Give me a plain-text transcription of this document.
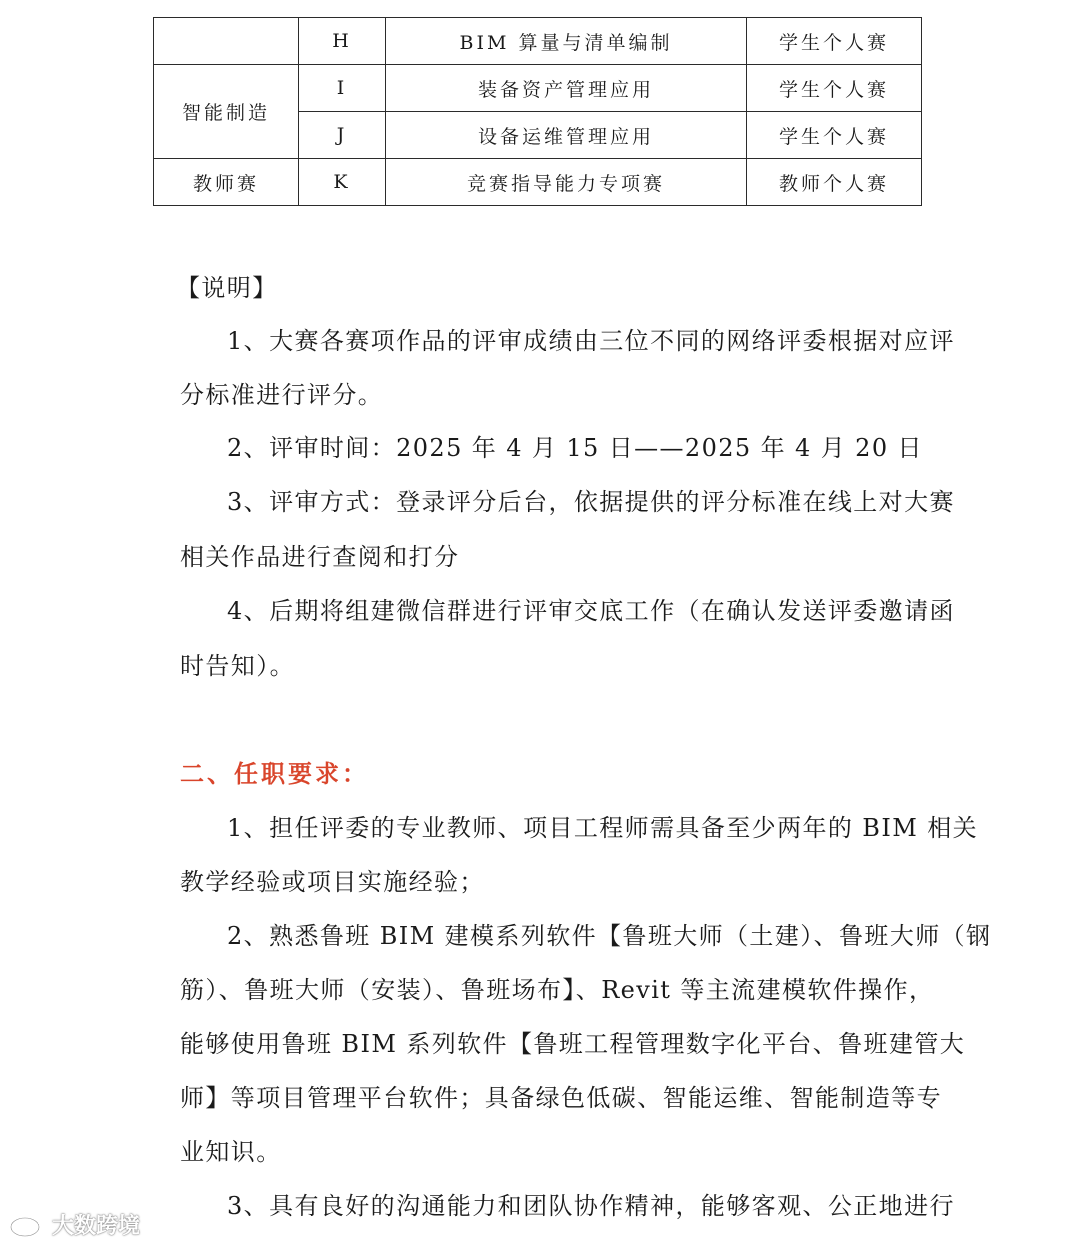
	H	BIM 算量与清单编制	学生个人赛
智能制造	I	装备资产管理应用	学生个人赛
	J	设备运维管理应用	学生个人赛
教师赛	K	竞赛指导能力专项赛	教师个人赛

【说明】

1、大赛各赛项作品的评审成绩由三位不同的网络评委根据对应评

分标准进行评分。

2、评审时间：2025 年 4 月 15 日——2025 年 4 月 20 日

3、评审方式：登录评分后台，依据提供的评分标准在线上对大赛

相关作品进行查阅和打分

4、后期将组建微信群进行评审交底工作（在确认发送评委邀请函

时告知）。

二、任职要求：

1、担任评委的专业教师、项目工程师需具备至少两年的 BIM 相关

教学经验或项目实施经验；

2、熟悉鲁班 BIM 建模系列软件【鲁班大师（土建）、鲁班大师（钢

筋）、鲁班大师（安装）、鲁班场布】、Revit 等主流建模软件操作，

能够使用鲁班 BIM 系列软件【鲁班工程管理数字化平台、鲁班建管大

师】等项目管理平台软件；具备绿色低碳、智能运维、智能制造等专

业知识。

3、具有良好的沟通能力和团队协作精神，能够客观、公正地进行

大数跨境
